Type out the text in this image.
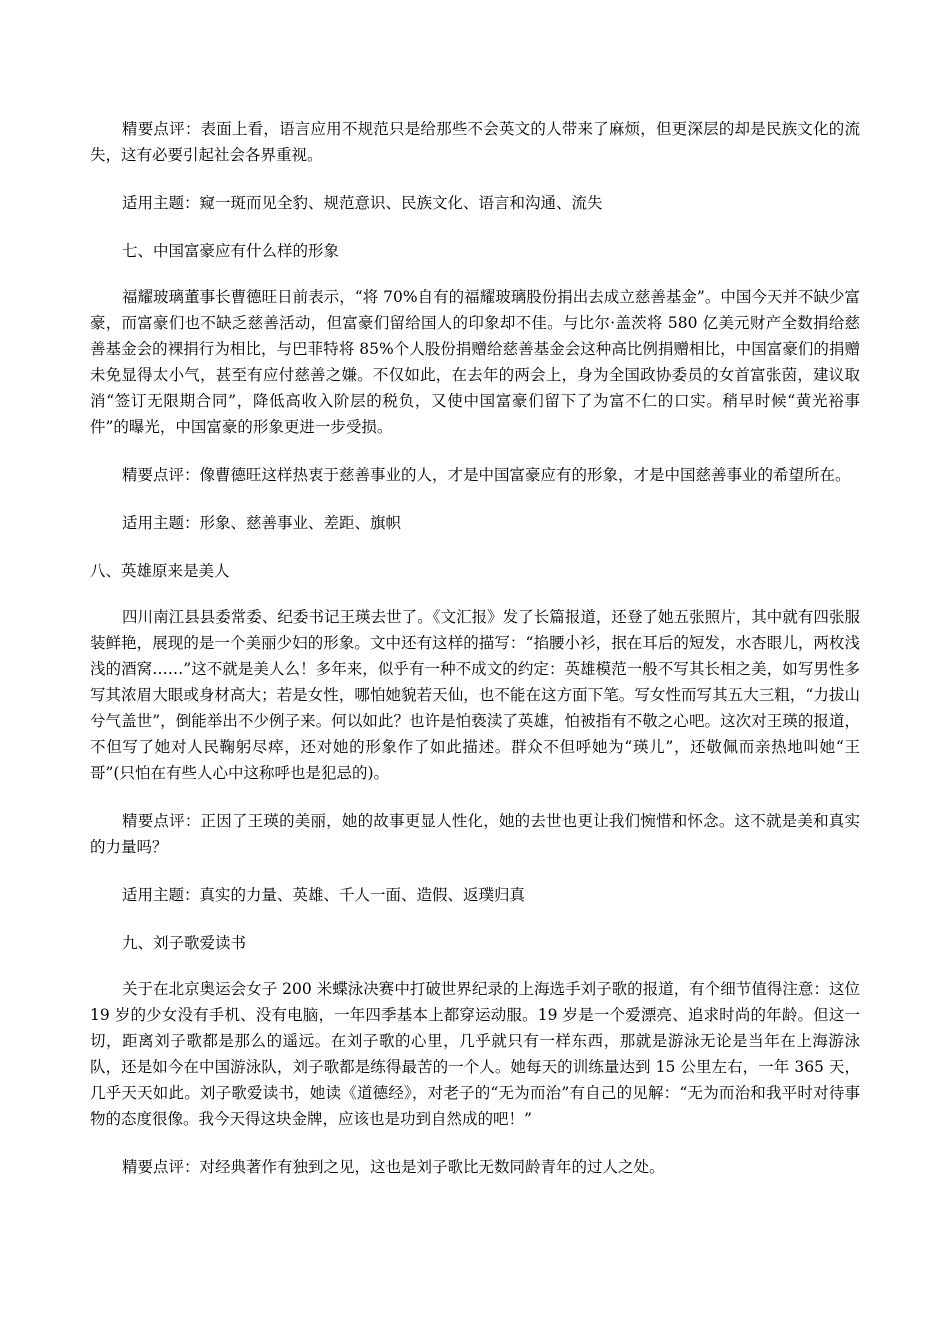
精要点评：表面上看，语言应用不规范只是给那些不会英文的人带来了麻烦，但更深层的却是民族文化的流失，这有必要引起社会各界重视。

适用主题：窥一斑而见全豹、规范意识、民族文化、语言和沟通、流失

七、中国富豪应有什么样的形象

福耀玻璃董事长曹德旺日前表示，“将 70%自有的福耀玻璃股份捐出去成立慈善基金”。中国今天并不缺少富豪，而富豪们也不缺乏慈善活动，但富豪们留给国人的印象却不佳。与比尔·盖茨将 580 亿美元财产全数捐给慈善基金会的裸捐行为相比，与巴菲特将 85%个人股份捐赠给慈善基金会这种高比例捐赠相比，中国富豪们的捐赠未免显得太小气，甚至有应付慈善之嫌。不仅如此，在去年的两会上，身为全国政协委员的女首富张茵，建议取消“签订无限期合同”，降低高收入阶层的税负，又使中国富豪们留下了为富不仁的口实。稍早时候“黄光裕事件”的曝光，中国富豪的形象更进一步受损。

精要点评：像曹德旺这样热衷于慈善事业的人，才是中国富豪应有的形象，才是中国慈善事业的希望所在。

适用主题：形象、慈善事业、差距、旗帜

八、英雄原来是美人

四川南江县县委常委、纪委书记王瑛去世了。《文汇报》发了长篇报道，还登了她五张照片，其中就有四张服装鲜艳，展现的是一个美丽少妇的形象。文中还有这样的描写：“掐腰小衫，抿在耳后的短发，水杏眼儿，两枚浅浅的酒窝……”这不就是美人么！多年来，似乎有一种不成文的约定：英雄模范一般不写其长相之美，如写男性多写其浓眉大眼或身材高大；若是女性，哪怕她貌若天仙，也不能在这方面下笔。写女性而写其五大三粗，“力拔山兮气盖世”，倒能举出不少例子来。何以如此？也许是怕亵渎了英雄，怕被指有不敬之心吧。这次对王瑛的报道，不但写了她对人民鞠躬尽瘁，还对她的形象作了如此描述。群众不但呼她为“瑛儿”，还敬佩而亲热地叫她“王哥”(只怕在有些人心中这称呼也是犯忌的)。

精要点评：正因了王瑛的美丽，她的故事更显人性化，她的去世也更让我们惋惜和怀念。这不就是美和真实的力量吗？

适用主题：真实的力量、英雄、千人一面、造假、返璞归真

九、刘子歌爱读书

关于在北京奥运会女子 200 米蝶泳决赛中打破世界纪录的上海选手刘子歌的报道，有个细节值得注意：这位 19 岁的少女没有手机、没有电脑，一年四季基本上都穿运动服。19 岁是一个爱漂亮、追求时尚的年龄。但这一切，距离刘子歌都是那么的遥远。在刘子歌的心里，几乎就只有一样东西，那就是游泳无论是当年在上海游泳队，还是如今在中国游泳队，刘子歌都是练得最苦的一个人。她每天的训练量达到 15 公里左右，一年 365 天，几乎天天如此。刘子歌爱读书，她读《道德经》，对老子的“无为而治”有自己的见解：“无为而治和我平时对待事物的态度很像。我今天得这块金牌，应该也是功到自然成的吧！”

精要点评：对经典著作有独到之见，这也是刘子歌比无数同龄青年的过人之处。
